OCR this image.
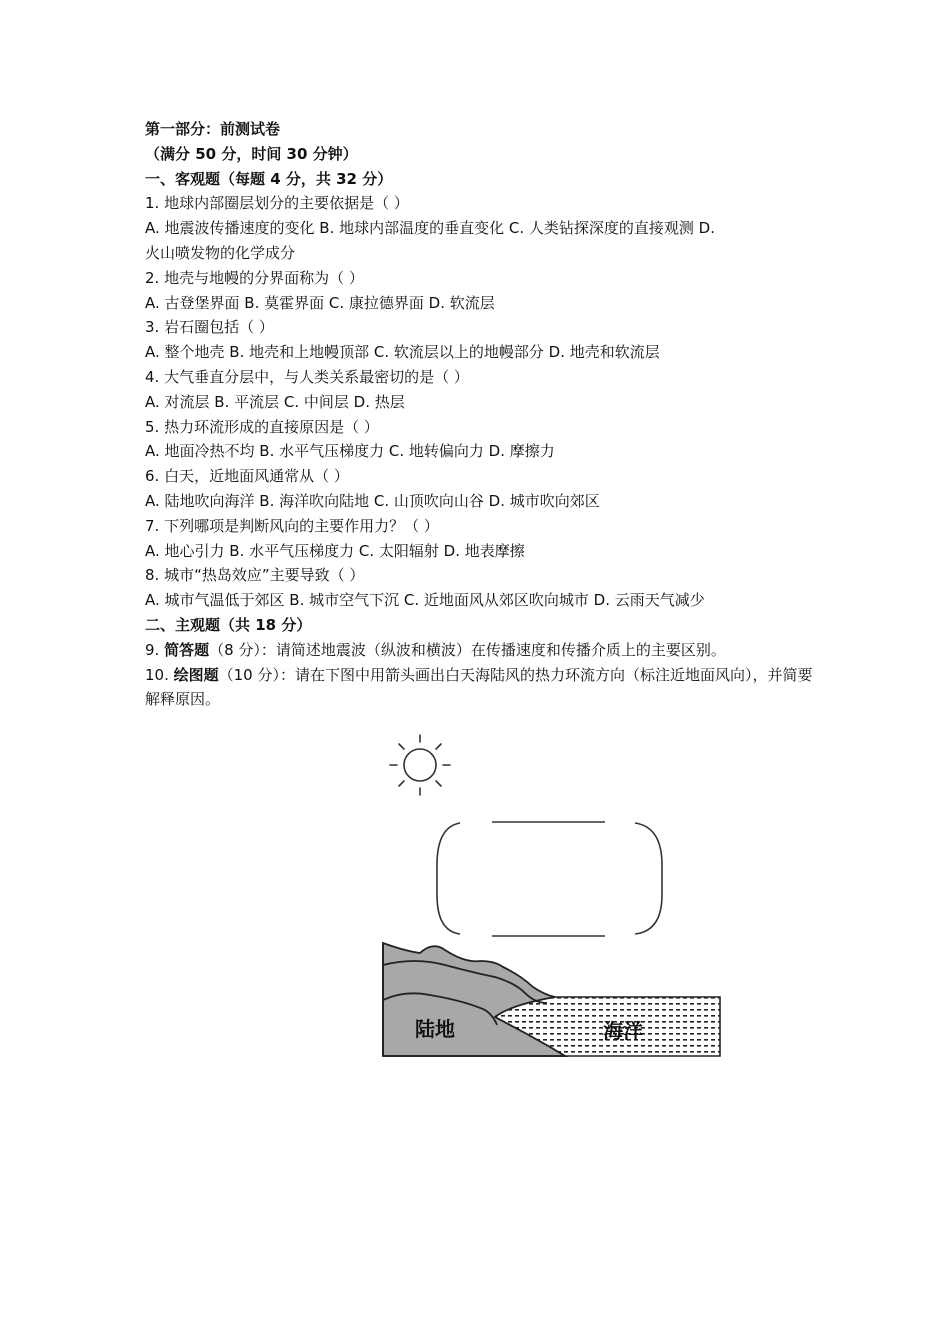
第一部分：前测试卷
（满分 50 分，时间 30 分钟）
一、客观题（每题 4 分，共 32 分）
1. 地球内部圈层划分的主要依据是（ ）
A. 地震波传播速度的变化 B. 地球内部温度的垂直变化 C. 人类钻探深度的直接观测 D.
火山喷发物的化学成分
2. 地壳与地幔的分界面称为（ ）
A. 古登堡界面 B. 莫霍界面 C. 康拉德界面 D. 软流层
3. 岩石圈包括（ ）
A. 整个地壳 B. 地壳和上地幔顶部 C. 软流层以上的地幔部分 D. 地壳和软流层
4. 大气垂直分层中，与人类关系最密切的是（ ）
A. 对流层 B. 平流层 C. 中间层 D. 热层
5. 热力环流形成的直接原因是（ ）
A. 地面冷热不均 B. 水平气压梯度力 C. 地转偏向力 D. 摩擦力
6. 白天，近地面风通常从（ ）
A. 陆地吹向海洋 B. 海洋吹向陆地 C. 山顶吹向山谷 D. 城市吹向郊区
7. 下列哪项是判断风向的主要作用力？（ ）
A. 地心引力 B. 水平气压梯度力 C. 太阳辐射 D. 地表摩擦
8. 城市“热岛效应”主要导致（ ）
A. 城市气温低于郊区 B. 城市空气下沉 C. 近地面风从郊区吹向城市 D. 云雨天气减少
二、主观题（共 18 分）
9. 简答题（8 分）：请简述地震波（纵波和横波）在传播速度和传播介质上的主要区别。
10. 绘图题（10 分）：请在下图中用箭头画出白天海陆风的热力环流方向（标注近地面风向），并简要解释原因。
陆地	海洋
